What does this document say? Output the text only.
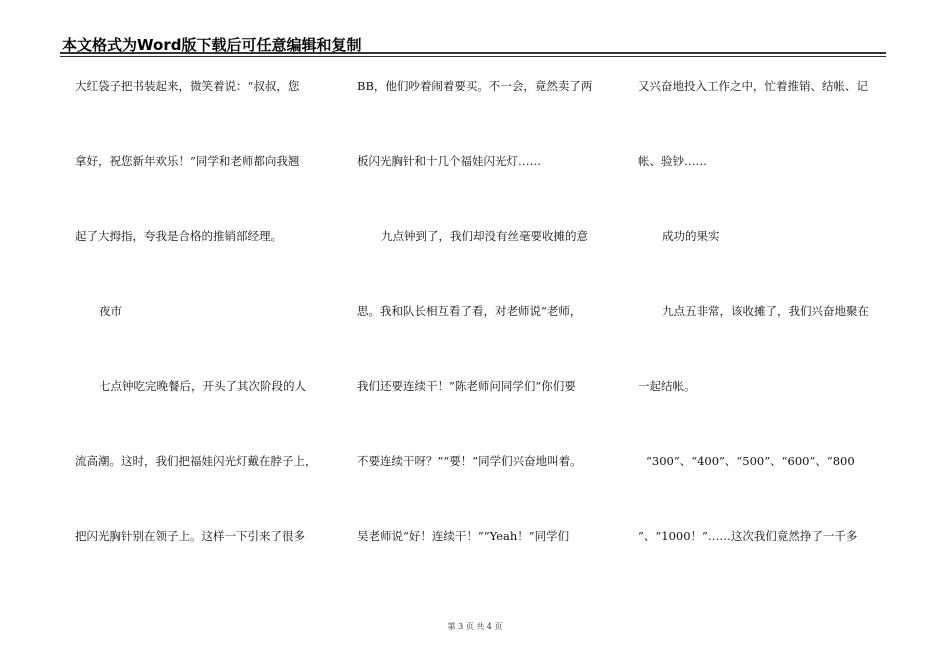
本文格式为Word版下载后可任意编辑和复制
大红袋子把书装起来，微笑着说：“叔叔，您
拿好，祝您新年欢乐！”同学和老师都向我翘
起了大拇指，夸我是合格的推销部经理。
夜市
七点钟吃完晚餐后，开头了其次阶段的人
流高潮。这时，我们把福娃闪光灯戴在脖子上，
把闪光胸针别在领子上。这样一下引来了很多
BB，他们吵着闹着要买。不一会，竟然卖了两
板闪光胸针和十几个福娃闪光灯……
九点钟到了，我们却没有丝毫要收摊的意
思。我和队长相互看了看，对老师说“老师，
我们还要连续干！”陈老师问同学们“你们要
不要连续干呀？”“要！”同学们兴奋地叫着。
吴老师说“好！连续干！”“Yeah！”同学们
又兴奋地投入工作之中，忙着推销、结帐、记
帐、验钞……
成功的果实
九点五非常，该收摊了，我们兴奋地聚在
一起结帐。
“300”、“400”、“500”、“600”、“800
”、“1000！”……这次我们竟然挣了一千多
第 3 页 共 4 页
